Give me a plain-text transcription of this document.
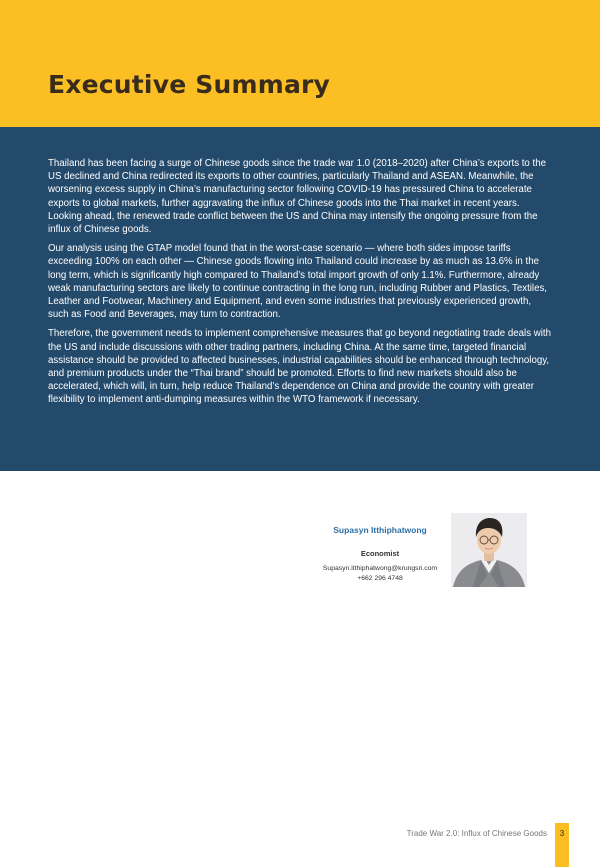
Executive Summary

Thailand has been facing a surge of Chinese goods since the trade war 1.0 (2018–2020) after China’s exports to the US declined and China redirected its exports to other countries, particularly Thailand and ASEAN. Meanwhile, the worsening excess supply in China’s manufacturing sector following COVID-19 has pressured China to accelerate exports to global markets, further aggravating the influx of Chinese goods into the Thai market in recent years. Looking ahead, the renewed trade conflict between the US and China may intensify the ongoing pressure from the influx of Chinese goods.

Our analysis using the GTAP model found that in the worst-case scenario — where both sides impose tariffs exceeding 100% on each other — Chinese goods flowing into Thailand could increase by as much as 13.6% in the long term, which is significantly high compared to Thailand’s total import growth of only 1.1%. Furthermore, already weak manufacturing sectors are likely to continue contracting in the long run, including Rubber and Plastics, Textiles, Leather and Footwear, Machinery and Equipment, and even some industries that previously experienced growth, such as Food and Beverages, may turn to contraction.

Therefore, the government needs to implement comprehensive measures that go beyond negotiating trade deals with the US and include discussions with other trading partners, including China. At the same time, targeted financial assistance should be provided to affected businesses, industrial capabilities should be enhanced through technology, and premium products under the “Thai brand” should be promoted. Efforts to find new markets should also be accelerated, which will, in turn, help reduce Thailand’s dependence on China and provide the country with greater flexibility to implement anti-dumping measures within the WTO framework if necessary.

Supasyn Itthiphatwong
Economist
Supasyn.itthiphatwong@krungsri.com
+662 296 4748
Trade War 2.0: Influx of Chinese Goods	3
